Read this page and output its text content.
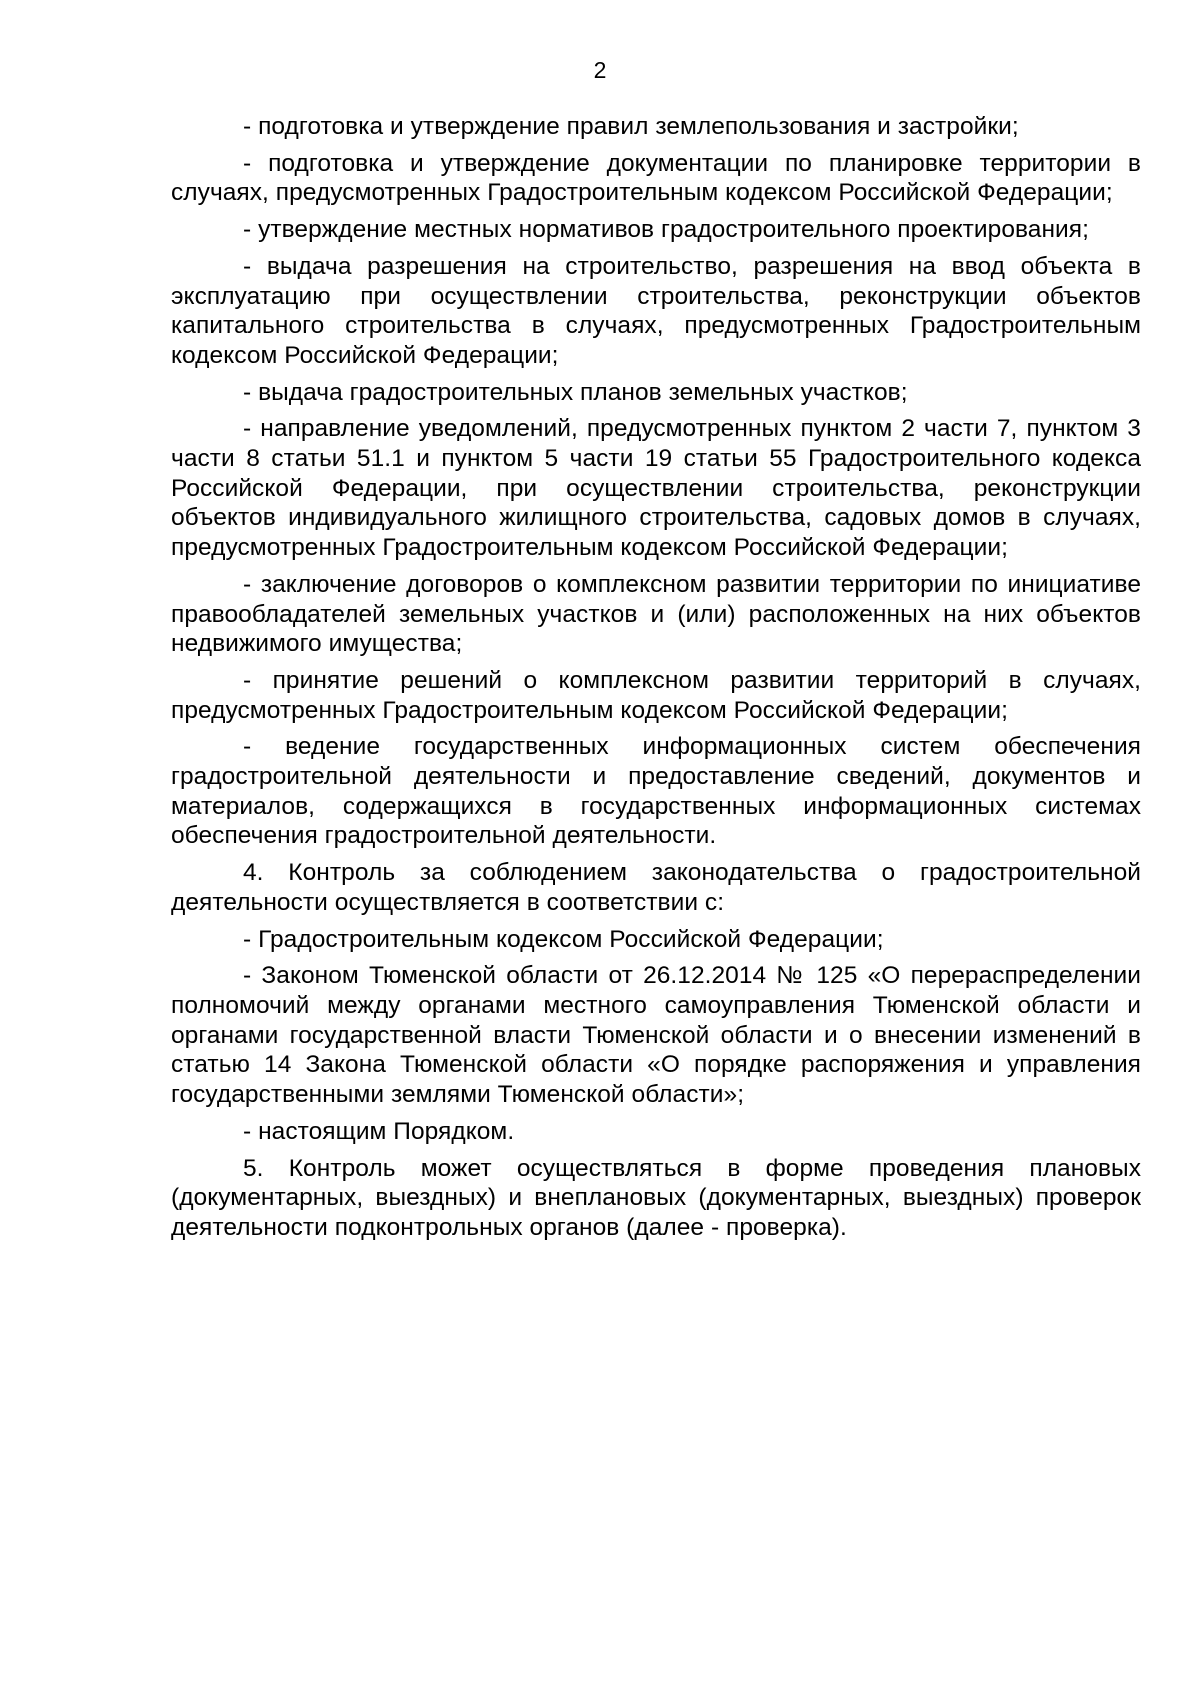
2

- подготовка и утверждение правил землепользования и застройки;

- подготовка и утверждение документации по планировке территории в случаях, предусмотренных Градостроительным кодексом Российской Федерации;

- утверждение местных нормативов градостроительного проектирования;

- выдача разрешения на строительство, разрешения на ввод объекта в эксплуатацию при осуществлении строительства, реконструкции объектов капитального строительства в случаях, предусмотренных Градостроительным кодексом Российской Федерации;

- выдача градостроительных планов земельных участков;

- направление уведомлений, предусмотренных пунктом 2 части 7, пунктом 3 части 8 статьи 51.1 и пунктом 5 части 19 статьи 55 Градостроительного кодекса Российской Федерации, при осуществлении строительства, реконструкции объектов индивидуального жилищного строительства, садовых домов в случаях, предусмотренных Градостроительным кодексом Российской Федерации;

- заключение договоров о комплексном развитии территории по инициативе правообладателей земельных участков и (или) расположенных на них объектов недвижимого имущества;

- принятие решений о комплексном развитии территорий в случаях, предусмотренных Градостроительным кодексом Российской Федерации;

- ведение государственных информационных систем обеспечения градостроительной деятельности и предоставление сведений, документов и материалов, содержащихся в государственных информационных системах обеспечения градостроительной деятельности.

4. Контроль за соблюдением законодательства о градостроительной деятельности осуществляется в соответствии с:

- Градостроительным кодексом Российской Федерации;

- Законом Тюменской области от 26.12.2014 № 125 «О перераспределении полномочий между органами местного самоуправления Тюменской области и органами государственной власти Тюменской области и о внесении изменений в статью 14 Закона Тюменской области «О порядке распоряжения и управления государственными землями Тюменской области»;

- настоящим Порядком.

5. Контроль может осуществляться в форме проведения плановых (документарных, выездных) и внеплановых (документарных, выездных) проверок деятельности подконтрольных органов (далее - проверка).
